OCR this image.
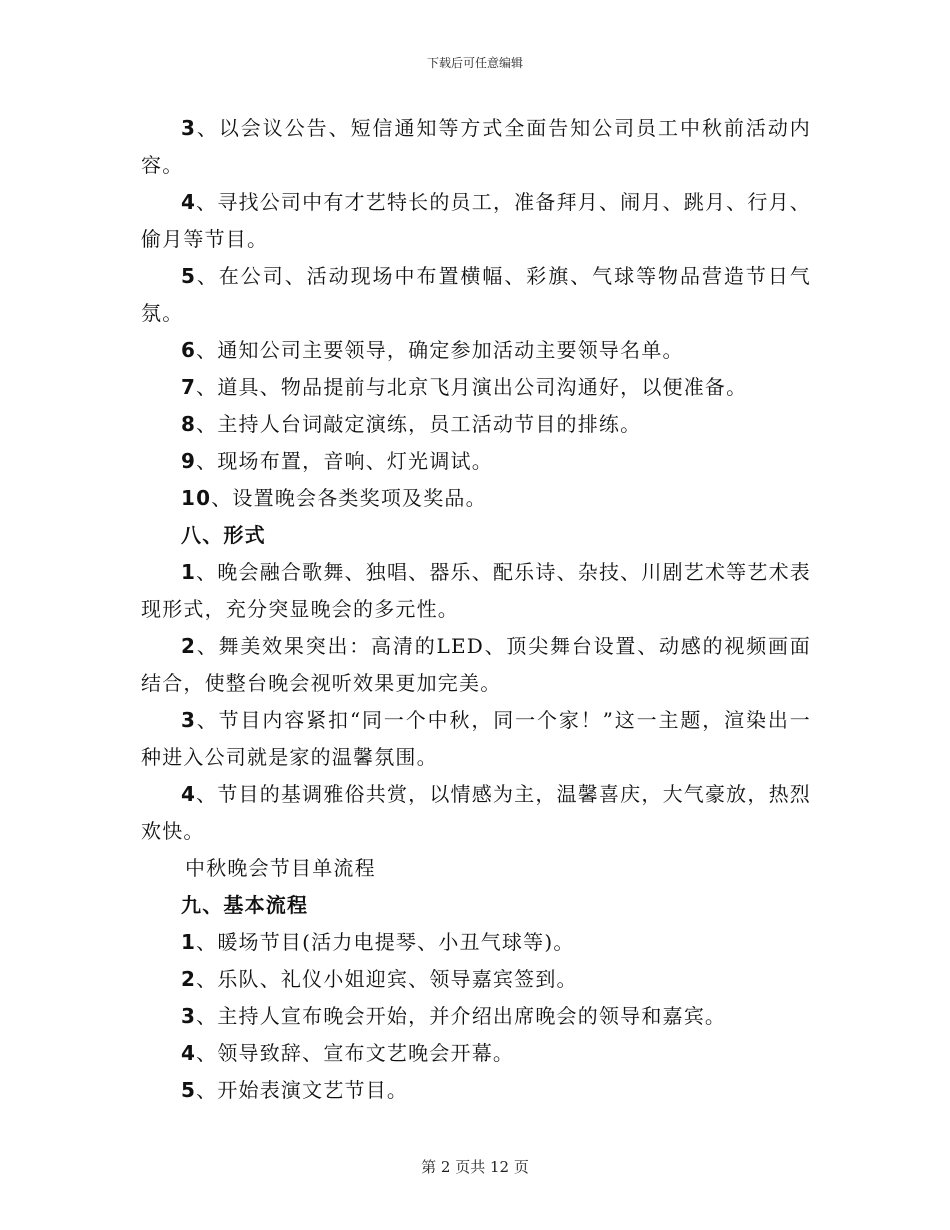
下载后可任意编辑

3、以会议公告、短信通知等方式全面告知公司员工中秋前活动内容。

4、寻找公司中有才艺特长的员工，准备拜月、闹月、跳月、行月、偷月等节目。

5、在公司、活动现场中布置横幅、彩旗、气球等物品营造节日气氛。

6、通知公司主要领导，确定参加活动主要领导名单。

7、道具、物品提前与北京飞月演出公司沟通好，以便准备。

8、主持人台词敲定演练，员工活动节目的排练。

9、现场布置，音响、灯光调试。

10、设置晚会各类奖项及奖品。

八、形式

1、晚会融合歌舞、独唱、器乐、配乐诗、杂技、川剧艺术等艺术表现形式，充分突显晚会的多元性。

2、舞美效果突出：高清的LED、顶尖舞台设置、动感的视频画面结合，使整台晚会视听效果更加完美。

3、节目内容紧扣“同一个中秋，同一个家！”这一主题，渲染出一种进入公司就是家的温馨氛围。

4、节目的基调雅俗共赏，以情感为主，温馨喜庆，大气豪放，热烈欢快。

中秋晚会节目单流程

九、基本流程

1、暖场节目(活力电提琴、小丑气球等)。

2、乐队、礼仪小姐迎宾、领导嘉宾签到。

3、主持人宣布晚会开始，并介绍出席晚会的领导和嘉宾。

4、领导致辞、宣布文艺晚会开幕。

5、开始表演文艺节目。

第 2 页共 12 页
